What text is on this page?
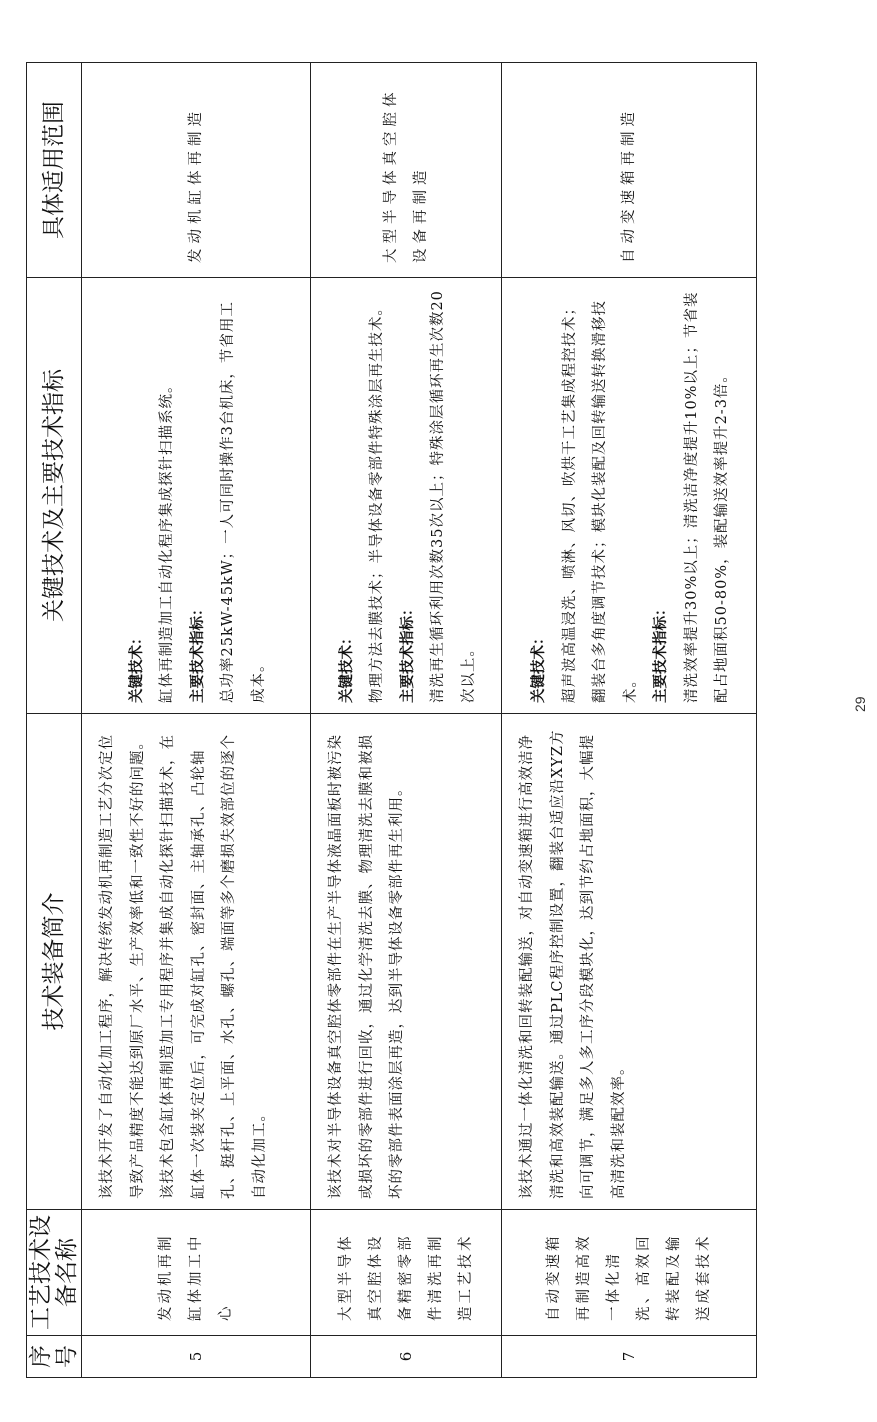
序号	工艺技术设备名称	技术装备简介	关键技术及主要技术指标	具体适用范围
5	发动机再制缸体加工中心	该技术开发了自动化加工程序，解决传统发动机再制造工艺分次定位导致产品精度不能达到原厂水平、生产效率低和一致性不好的问题。该技术包含缸体再制造加工专用程序并集成自动化探针扫描技术，在缸体一次装夹定位后，可完成对缸孔、密封面、主轴承孔、凸轮轴孔、挺杆孔、上平面、水孔、螺孔、端面等多个磨损失效部位的逐个自动化加工。	关键技术： 缸体再制造加工自动化程序集成探针扫描系统。 主要技术指标： 总功率25kW-45kW；一人可同时操作3台机床，节省用工成本。	发动机缸体再制造
6	大型半导体真空腔体设备精密零部件清洗再制造工艺技术	该技术对半导体设备真空腔体零部件在生产半导体液晶面板时被污染或损坏的零部件进行回收，通过化学清洗去膜、物理清洗去膜和被损坏的零部件表面涂层再造，达到半导体设备零部件再生利用。	关键技术： 物理方法去膜技术；半导体设备零部件特殊涂层再生技术。 主要技术指标： 清洗再生循环利用次数35次以上；特殊涂层循环再生次数20次以上。	大型半导体真空腔体设备再制造
7	自动变速箱再制造高效一体化清洗、高效回转装配及输送成套技术	该技术通过一体化清洗和回转装配输送，对自动变速箱进行高效洁净清洗和高效装配输送。通过PLC程序控制设置，翻装台适应沿XYZ方向可调节，满足多人多工序分段模块化，达到节约占地面积，大幅提高清洗和装配效率。	关键技术： 超声波高温浸洗、喷淋、风切、吹烘干工艺集成程控技术；翻装台多角度调节技术；模块化装配及回转输送转换滑移技术。 主要技术指标： 清洗效率提升30%以上；清洗洁净度提升10%以上；节省装配占地面积50-80%，装配输送效率提升2-3倍。	自动变速箱再制造
29
